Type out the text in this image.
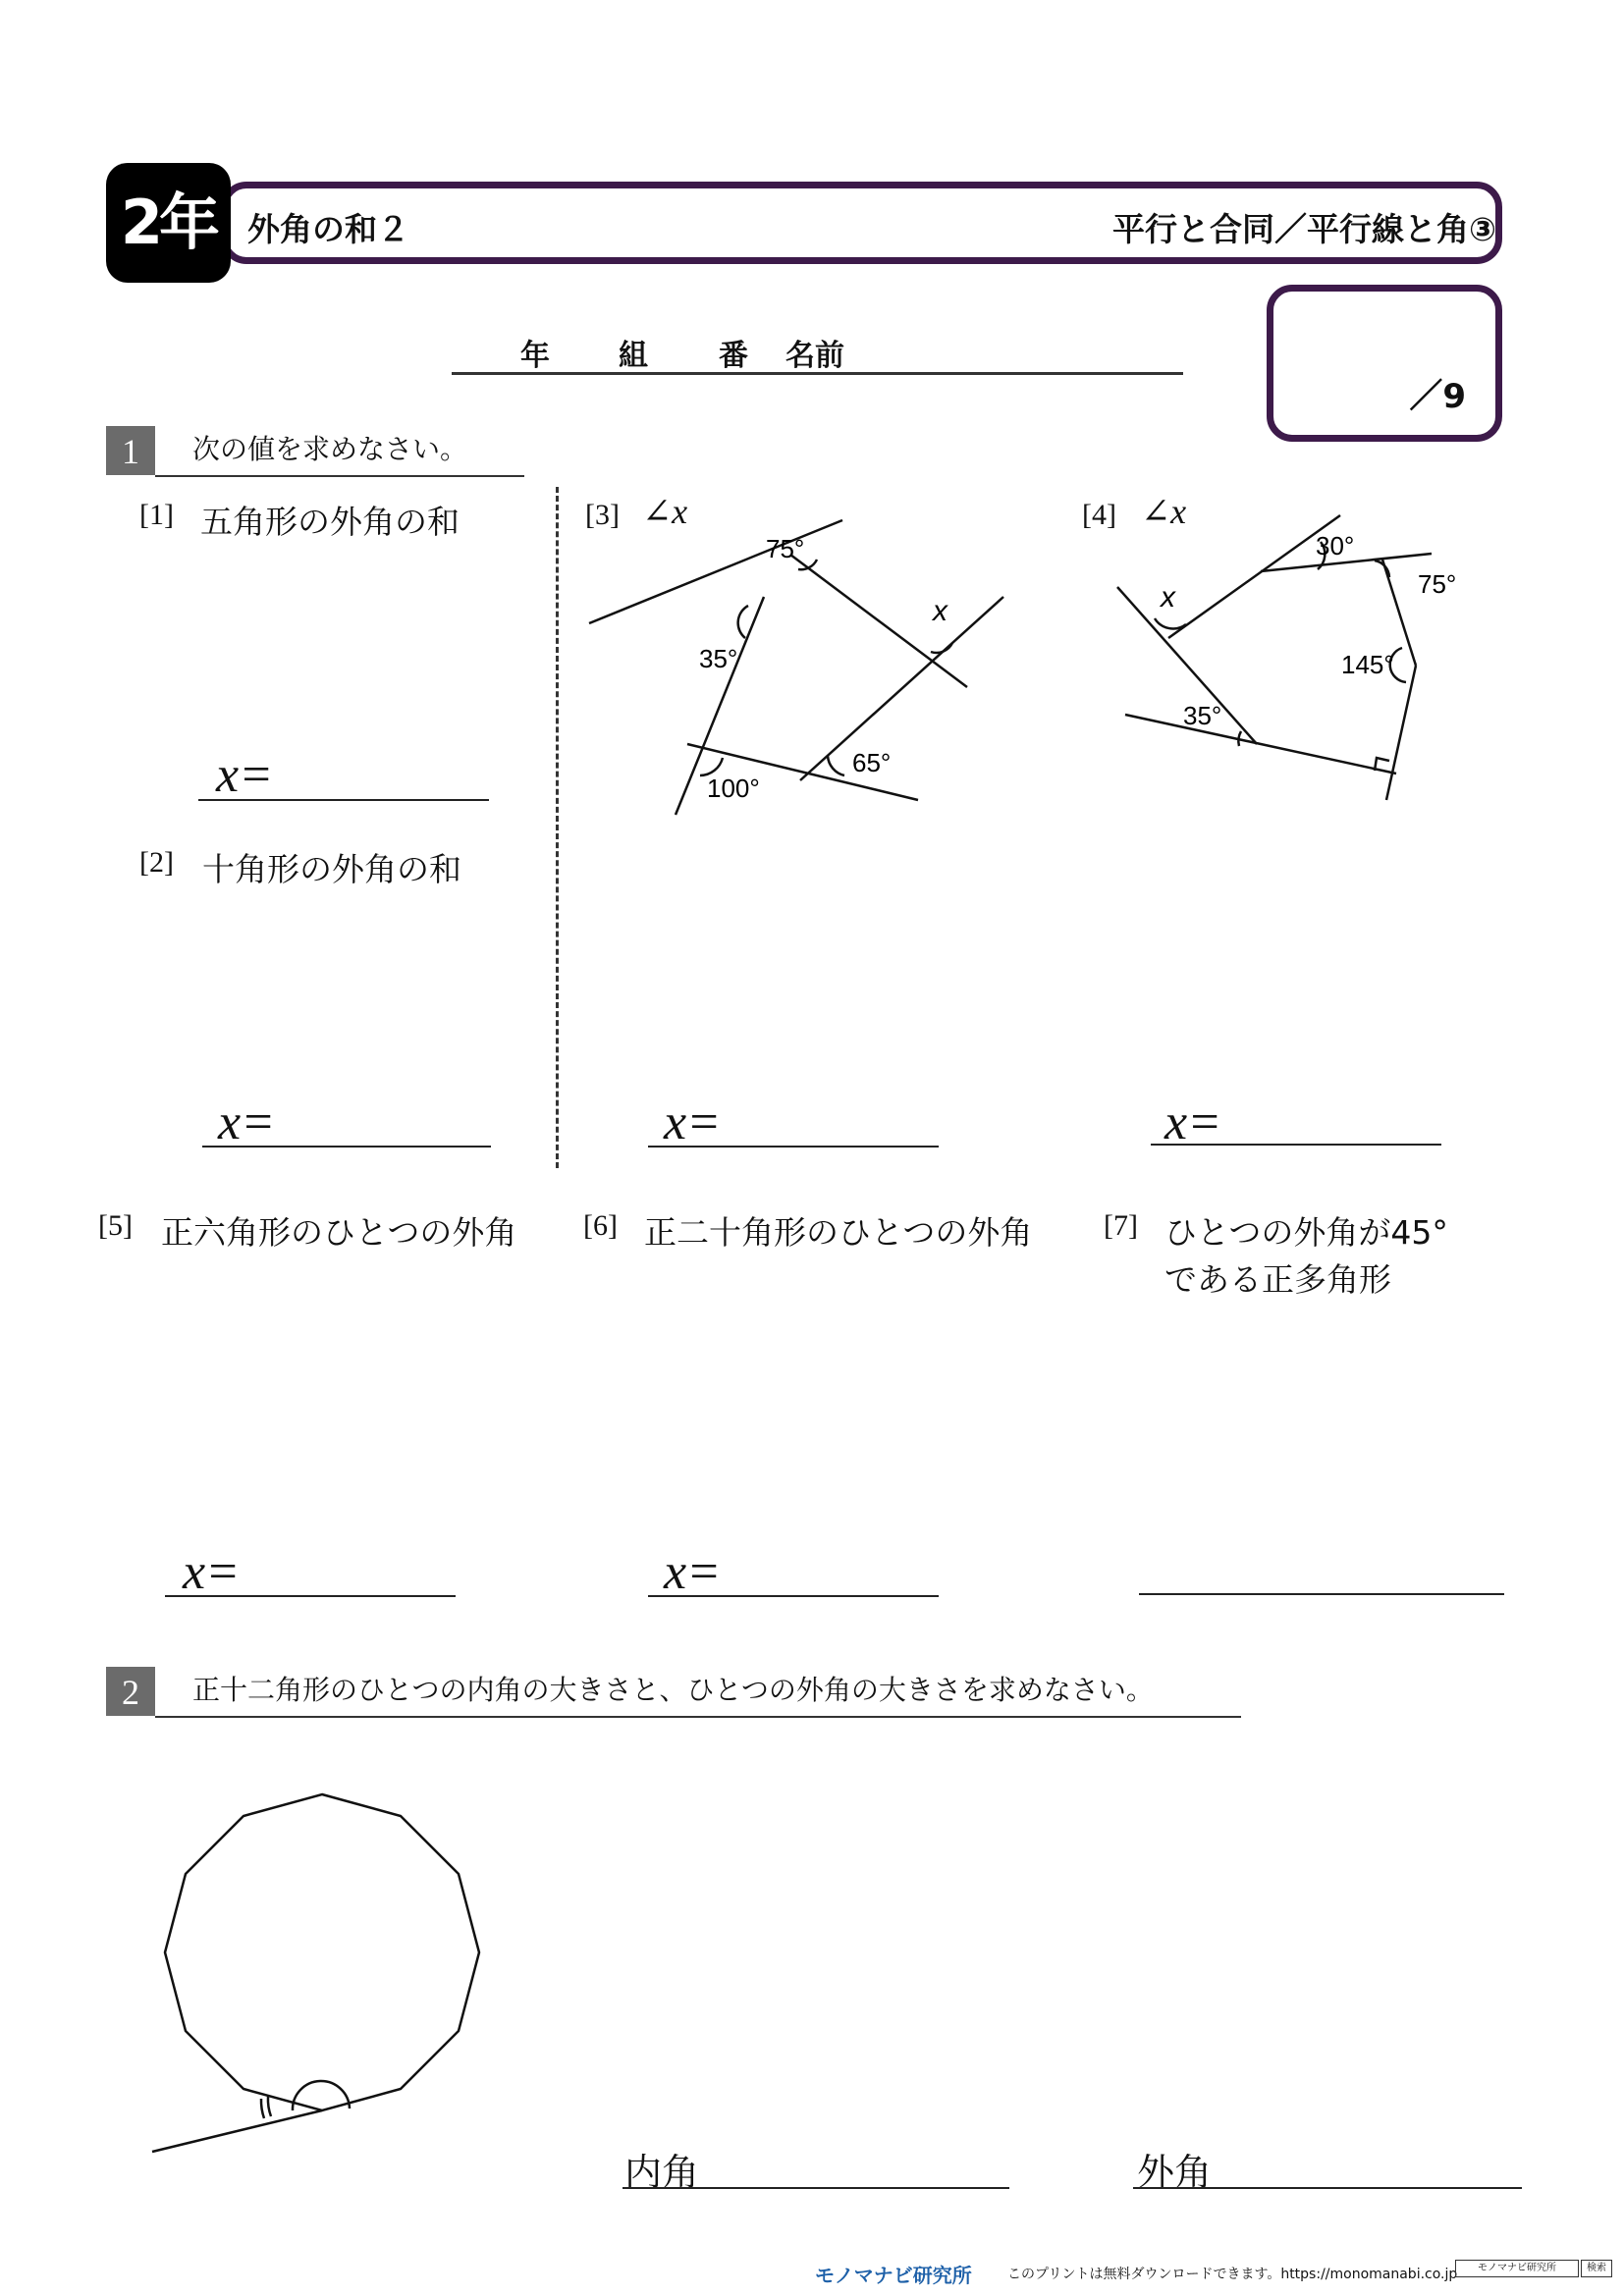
2年 外角の和２	平行と合同／平行線と角③
年 組 番 名前
／9
1	次の値を求めなさい。
[1] 五角形の外角の和
x=
[2] 十角形の外角の和
x=
[3] ∠x
75°
35°
100°
65°
x
x=
[4] ∠x
30°
75°
145°
35°
x
x=
[5] 正六角形のひとつの外角
x=
[6] 正二十角形のひとつの外角
x=
[7] ひとつの外角が45°
である正多角形
2	正十二角形のひとつの内角の大きさと、ひとつの外角の大きさを求めなさい。
内角	外角
モノマナビ研究所	このプリントは無料ダウンロードできます。https://monomanabi.co.jp	モノマナビ研究所	検索
